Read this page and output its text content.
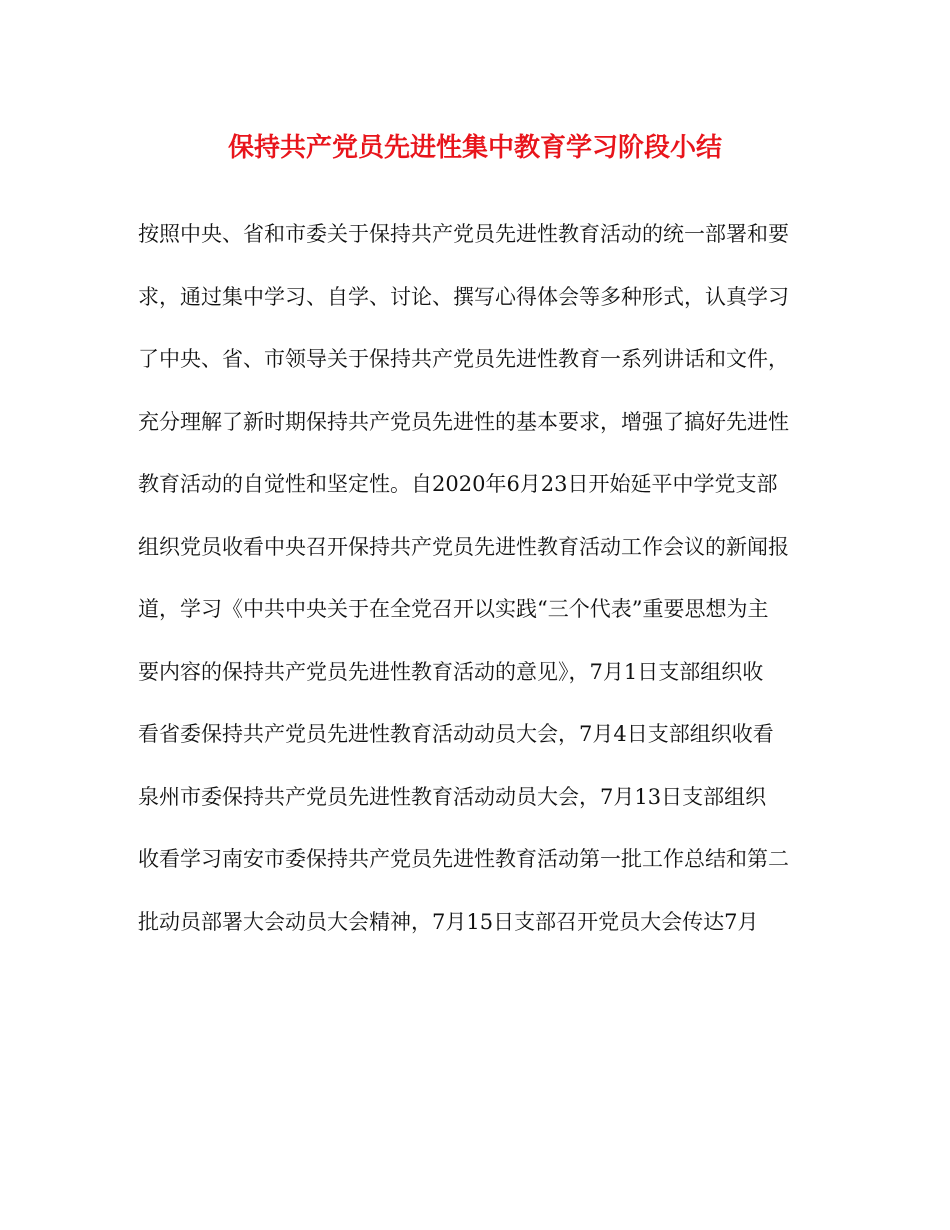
保持共产党员先进性集中教育学习阶段小结
按照中央、省和市委关于保持共产党员先进性教育活动的统一部署和要
求，通过集中学习、自学、讨论、撰写心得体会等多种形式，认真学习
了中央、省、市领导关于保持共产党员先进性教育一系列讲话和文件，
充分理解了新时期保持共产党员先进性的基本要求，增强了搞好先进性
教育活动的自觉性和坚定性。自2020年6月23日开始延平中学党支部
组织党员收看中央召开保持共产党员先进性教育活动工作会议的新闻报
道，学习《中共中央关于在全党召开以实践“三个代表”重要思想为主
要内容的保持共产党员先进性教育活动的意见》，7月1日支部组织收
看省委保持共产党员先进性教育活动动员大会，7月4日支部组织收看
泉州市委保持共产党员先进性教育活动动员大会，7月13日支部组织
收看学习南安市委保持共产党员先进性教育活动第一批工作总结和第二
批动员部署大会动员大会精神，7月15日支部召开党员大会传达7月
